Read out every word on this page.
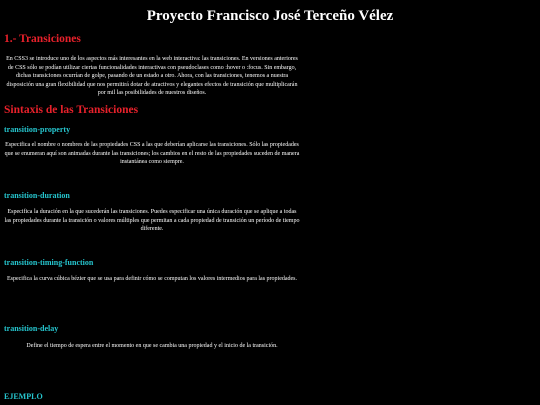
Proyecto Francisco José Terceño Vélez
1.- Transiciones

En CSS3 se introduce uno de los aspectos más interesantes en la web interactiva: las transiciones. En versiones anteriores de CSS sólo se podían utilizar ciertas funcionalidades interactivas con pseudoclases como :hover o :focus. Sin embargo, dichas transiciones ocurrían de golpe, pasando de un estado a otro. Ahora, con las transiciones, tenemos a nuestra disposición una gran flexibilidad que nos permitirá dotar de atractivos y elegantes efectos de transición que multiplicarán por mil las posibilidades de nuestros diseños.

Sintaxis de las Transiciones
transition-property

Especifica el nombre o nombres de las propiedades CSS a las que deberían aplicarse las transiciones. Sólo las propiedades que se enumeran aquí son animadas durante las transiciones; los cambios en el resto de las propiedades suceden de manera instantánea como siempre.

transition-duration

Especifica la duración en la que sucederán las transiciones. Puedes especificar una única duración que se aplique a todas las propiedades durante la transición o valores múltiples que permitan a cada propiedad de transición un período de tiempo diferente.

transition-timing-function

Especifica la curva cúbica bézier que se usa para definir cómo se computan los valores intermedios para las propiedades.

transition-delay

Define el tiempo de espera entre el momento en que se cambia una propiedad y el inicio de la transición.

EJEMPLO
